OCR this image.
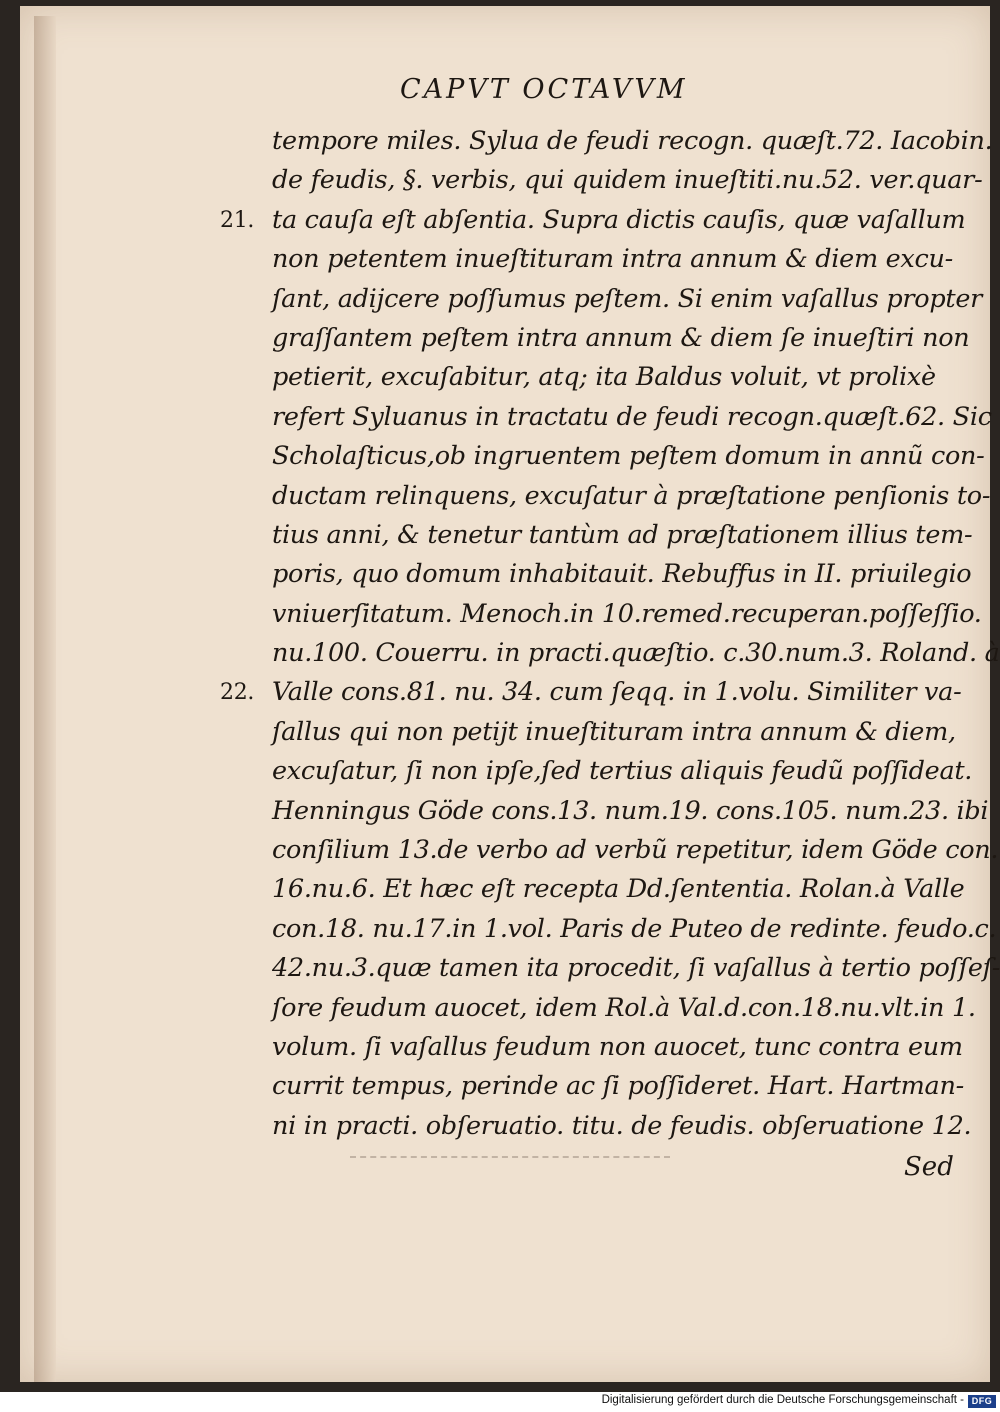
CAPVT OCTAVVM
tempore miles. Sylua de feudi recogn. quæſt.72. Iacobin.
de feudis, §. verbis, qui quidem inueſtiti.nu.52. ver.quar-
21. ta cauſa eſt abſentia. Supra dictis cauſis, quæ vaſallum
non petentem inueſtituram intra annum & diem excu-
ſant, adijcere poſſumus peſtem. Si enim vaſallus propter
graſſantem peſtem intra annum & diem ſe inueſtiri non
petierit, excuſabitur, atq; ita Baldus voluit, vt prolixè
refert Syluanus in tractatu de feudi recogn.quæſt.62. Sic
Scholaſticus,ob ingruentem peſtem domum in annũ con-
ductam relinquens, excuſatur à præſtatione penſionis to-
tius anni, & tenetur tantùm ad præſtationem illius tem-
poris, quo domum inhabitauit. Rebuffus in II. priuilegio
vniuerſitatum. Menoch.in 10.remed.recuperan.poſſeſſio.
nu.100. Couerru. in practi.quæſtio. c.30.num.3. Roland. à
22. Valle cons.81. nu. 34. cum ſeqq. in 1.volu. Similiter va-
ſallus qui non petijt inueſtituram intra annum & diem,
excuſatur, ſi non ipſe,ſed tertius aliquis feudũ poſſideat.
Henningus Göde cons.13. num.19. cons.105. num.23. ibi
conſilium 13.de verbo ad verbũ repetitur, idem Göde con.
16.nu.6. Et hæc eſt recepta Dd.ſententia. Rolan.à Valle
con.18. nu.17.in 1.vol. Paris de Puteo de redinte. feudo.c.
42.nu.3.quæ tamen ita procedit, ſi vaſallus à tertio poſſeſ-
ſore feudum auocet, idem Rol.à Val.d.con.18.nu.vlt.in 1.
volum. ſi vaſallus feudum non auocet, tunc contra eum
currit tempus, perinde ac ſi poſſideret. Hart. Hartman-
ni in practi. obſeruatio. titu. de feudis. obſeruatione 12.
Sed
Digitalisierung gefördert durch die Deutsche Forschungsgemeinschaft - DFG
